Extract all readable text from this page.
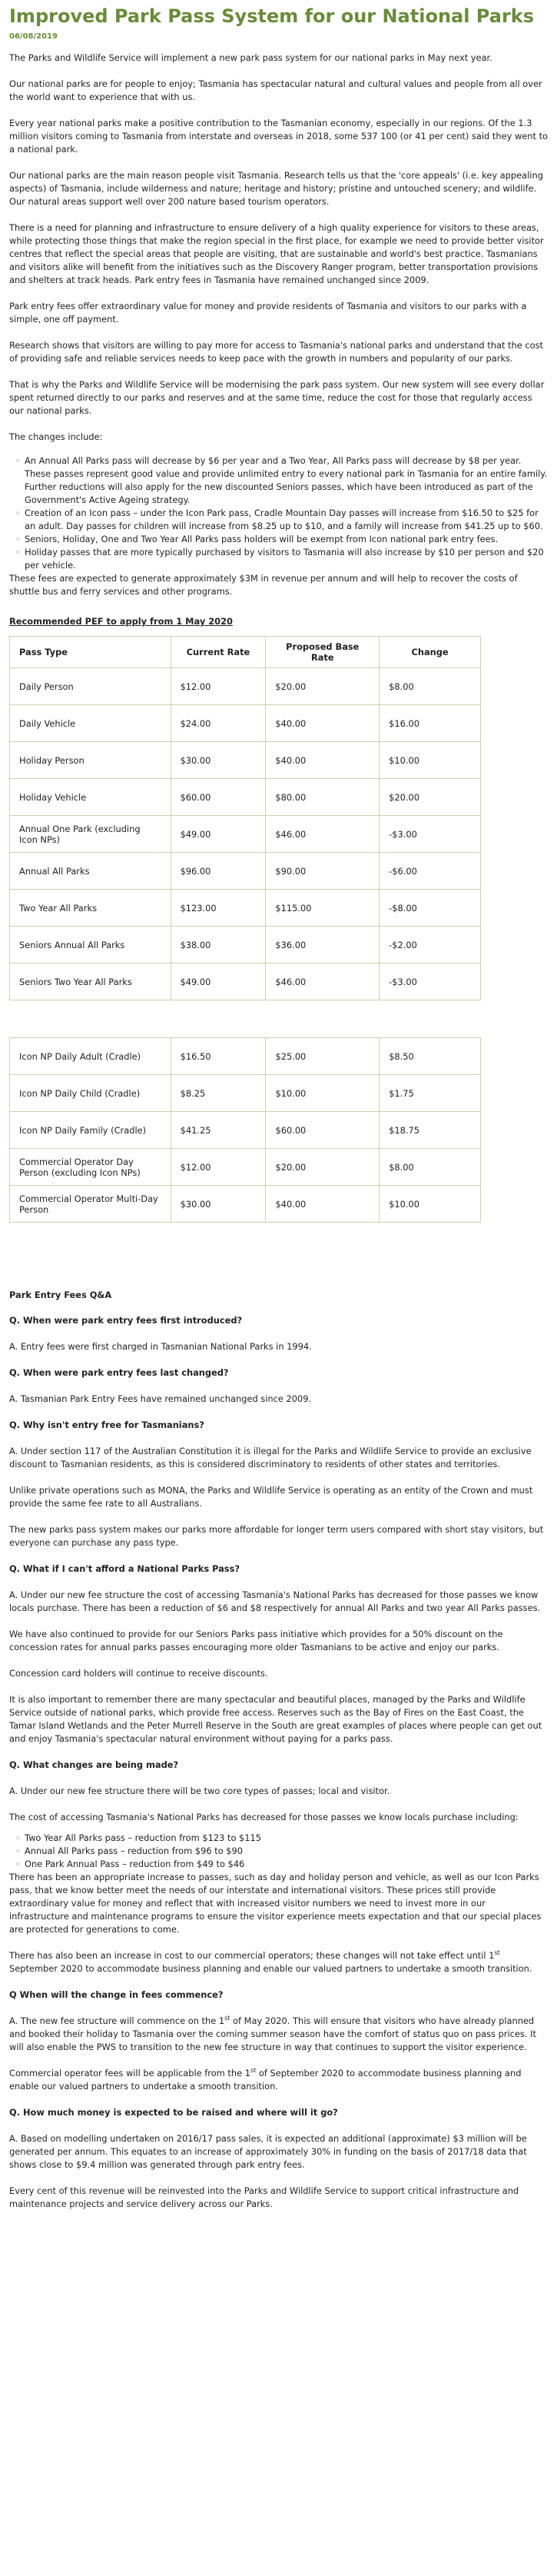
Improved Park Pass System for our National Parks
06/08/2019

The Parks and Wildlife Service will implement a new park pass system for our national parks in May next year.

Our national parks are for people to enjoy; Tasmania has spectacular natural and cultural values and people from all over the world want to experience that with us.

Every year national parks make a positive contribution to the Tasmanian economy, especially in our regions. Of the 1.3 million visitors coming to Tasmania from interstate and overseas in 2018, some 537 100 (or 41 per cent) said they went to a national park.

Our national parks are the main reason people visit Tasmania. Research tells us that the 'core appeals' (i.e. key appealing aspects) of Tasmania, include wilderness and nature; heritage and history; pristine and untouched scenery; and wildlife. Our natural areas support well over 200 nature based tourism operators.

There is a need for planning and infrastructure to ensure delivery of a high quality experience for visitors to these areas, while protecting those things that make the region special in the first place, for example we need to provide better visitor centres that reflect the special areas that people are visiting, that are sustainable and world's best practice. Tasmanians and visitors alike will benefit from the initiatives such as the Discovery Ranger program, better transportation provisions and shelters at track heads. Park entry fees in Tasmania have remained unchanged since 2009.

Park entry fees offer extraordinary value for money and provide residents of Tasmania and visitors to our parks with a simple, one off payment.

Research shows that visitors are willing to pay more for access to Tasmania's national parks and understand that the cost of providing safe and reliable services needs to keep pace with the growth in numbers and popularity of our parks.

That is why the Parks and Wildlife Service will be modernising the park pass system. Our new system will see every dollar spent returned directly to our parks and reserves and at the same time, reduce the cost for those that regularly access our national parks.

The changes include:

◦ An Annual All Parks pass will decrease by $6 per year and a Two Year, All Parks pass will decrease by $8 per year. These passes represent good value and provide unlimited entry to every national park in Tasmania for an entire family. Further reductions will also apply for the new discounted Seniors passes, which have been introduced as part of the Government's Active Ageing strategy.
◦ Creation of an Icon pass – under the Icon Park pass, Cradle Mountain Day passes will increase from $16.50 to $25 for an adult. Day passes for children will increase from $8.25 up to $10, and a family will increase from $41.25 up to $60.
◦ Seniors, Holiday, One and Two Year All Parks pass holders will be exempt from Icon national park entry fees.
◦ Holiday passes that are more typically purchased by visitors to Tasmania will also increase by $10 per person and $20 per vehicle.

These fees are expected to generate approximately $3M in revenue per annum and will help to recover the costs of shuttle bus and ferry services and other programs.

Recommended PEF to apply from 1 May 2020
Pass Type	Current Rate	Proposed Base Rate	Change
Daily Person	$12.00	$20.00	$8.00
Daily Vehicle	$24.00	$40.00	$16.00
Holiday Person	$30.00	$40.00	$10.00
Holiday Vehicle	$60.00	$80.00	$20.00
Annual One Park (excluding Icon NPs)	$49.00	$46.00	-$3.00
Annual All Parks	$96.00	$90.00	-$6.00
Two Year All Parks	$123.00	$115.00	-$8.00
Seniors Annual All Parks	$38.00	$36.00	-$2.00
Seniors Two Year All Parks	$49.00	$46.00	-$3.00
Icon NP Daily Adult (Cradle)	$16.50	$25.00	$8.50
Icon NP Daily Child (Cradle)	$8.25	$10.00	$1.75
Icon NP Daily Family (Cradle)	$41.25	$60.00	$18.75
Commercial Operator Day Person (excluding Icon NPs)	$12.00	$20.00	$8.00
Commercial Operator Multi-Day Person	$30.00	$40.00	$10.00
Park Entry Fees Q&A
Q. When were park entry fees first introduced?

A. Entry fees were first charged in Tasmanian National Parks in 1994.

Q. When were park entry fees last changed?

A. Tasmanian Park Entry Fees have remained unchanged since 2009.

Q. Why isn't entry free for Tasmanians?

A. Under section 117 of the Australian Constitution it is illegal for the Parks and Wildlife Service to provide an exclusive discount to Tasmanian residents, as this is considered discriminatory to residents of other states and territories.

Unlike private operations such as MONA, the Parks and Wildlife Service is operating as an entity of the Crown and must provide the same fee rate to all Australians.

The new parks pass system makes our parks more affordable for longer term users compared with short stay visitors, but everyone can purchase any pass type.

Q. What if I can't afford a National Parks Pass?

A. Under our new fee structure the cost of accessing Tasmania's National Parks has decreased for those passes we know locals purchase. There has been a reduction of $6 and $8 respectively for annual All Parks and two year All Parks passes.

We have also continued to provide for our Seniors Parks pass initiative which provides for a 50% discount on the concession rates for annual parks passes encouraging more older Tasmanians to be active and enjoy our parks.

Concession card holders will continue to receive discounts.

It is also important to remember there are many spectacular and beautiful places, managed by the Parks and Wildlife Service outside of national parks, which provide free access. Reserves such as the Bay of Fires on the East Coast, the Tamar Island Wetlands and the Peter Murrell Reserve in the South are great examples of places where people can get out and enjoy Tasmania's spectacular natural environment without paying for a parks pass.

Q. What changes are being made?

A. Under our new fee structure there will be two core types of passes; local and visitor.

The cost of accessing Tasmania's National Parks has decreased for those passes we know locals purchase including:

◦ Two Year All Parks pass – reduction from $123 to $115
◦ Annual All Parks pass – reduction from $96 to $90
◦ One Park Annual Pass – reduction from $49 to $46

There has been an appropriate increase to passes, such as day and holiday person and vehicle, as well as our Icon Parks pass, that we know better meet the needs of our interstate and international visitors. These prices still provide extraordinary value for money and reflect that with increased visitor numbers we need to invest more in our infrastructure and maintenance programs to ensure the visitor experience meets expectation and that our special places are protected for generations to come.

There has also been an increase in cost to our commercial operators; these changes will not take effect until 1st September 2020 to accommodate business planning and enable our valued partners to undertake a smooth transition.

Q When will the change in fees commence?

A. The new fee structure will commence on the 1st of May 2020. This will ensure that visitors who have already planned and booked their holiday to Tasmania over the coming summer season have the comfort of status quo on pass prices. It will also enable the PWS to transition to the new fee structure in way that continues to support the visitor experience.

Commercial operator fees will be applicable from the 1st of September 2020 to accommodate business planning and enable our valued partners to undertake a smooth transition.

Q. How much money is expected to be raised and where will it go?

A. Based on modelling undertaken on 2016/17 pass sales, it is expected an additional (approximate) $3 million will be generated per annum. This equates to an increase of approximately 30% in funding on the basis of 2017/18 data that shows close to $9.4 million was generated through park entry fees.

Every cent of this revenue will be reinvested into the Parks and Wildlife Service to support critical infrastructure and maintenance projects and service delivery across our Parks.
